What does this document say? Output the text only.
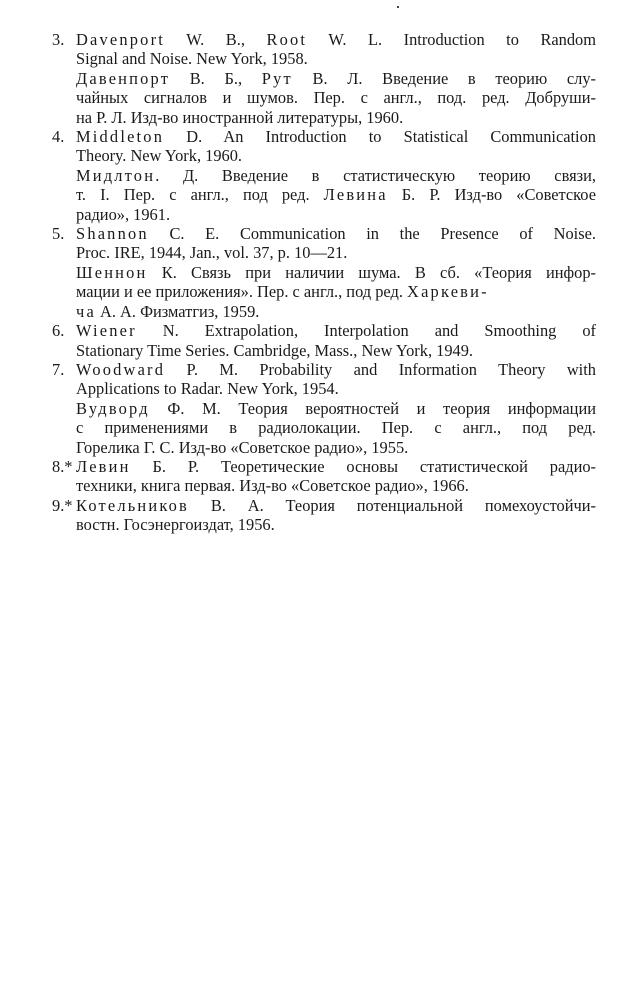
3. Davenport W. B., Root W. L. Introduction to Random
Signal and Noise. New York, 1958.
Давенпорт В. Б., Рут В. Л. Введение в теорию слу-
чайных сигналов и шумов. Пер. с англ., под. ред. Добруши-
на Р. Л. Изд-во иностранной литературы, 1960.
4. Middleton D. An Introduction to Statistical Communication
Theory. New York, 1960.
Мидлтон. Д. Введение в статистическую теорию связи,
т. I. Пер. с англ., под ред. Левина Б. Р. Изд-во «Советское
радио», 1961.
5. Shannon C. E. Communication in the Presence of Noise.
Proc. IRE, 1944, Jan., vol. 37, p. 10—21.
Шеннон К. Связь при наличии шума. В сб. «Теория инфор-
мации и ее приложения». Пер. с англ., под ред. Харкеви-
ча А. А. Физматгиз, 1959.
6. Wiener N. Extrapolation, Interpolation and Smoothing of
Stationary Time Series. Cambridge, Mass., New York, 1949.
7. Woodward P. M. Probability and Information Theory with
Applications to Radar. New York, 1954.
Вудворд Ф. М. Теория вероятностей и теория информации
с применениями в радиолокации. Пер. с англ., под ред.
Горелика Г. С. Изд-во «Советское радио», 1955.
8.* Левин Б. Р. Теоретические основы статистической радио-
техники, книга первая. Изд-во «Советское радио», 1966.
9.* Котельников В. А. Теория потенциальной помехоустойчи-
востн. Госэнергоиздат, 1956.
